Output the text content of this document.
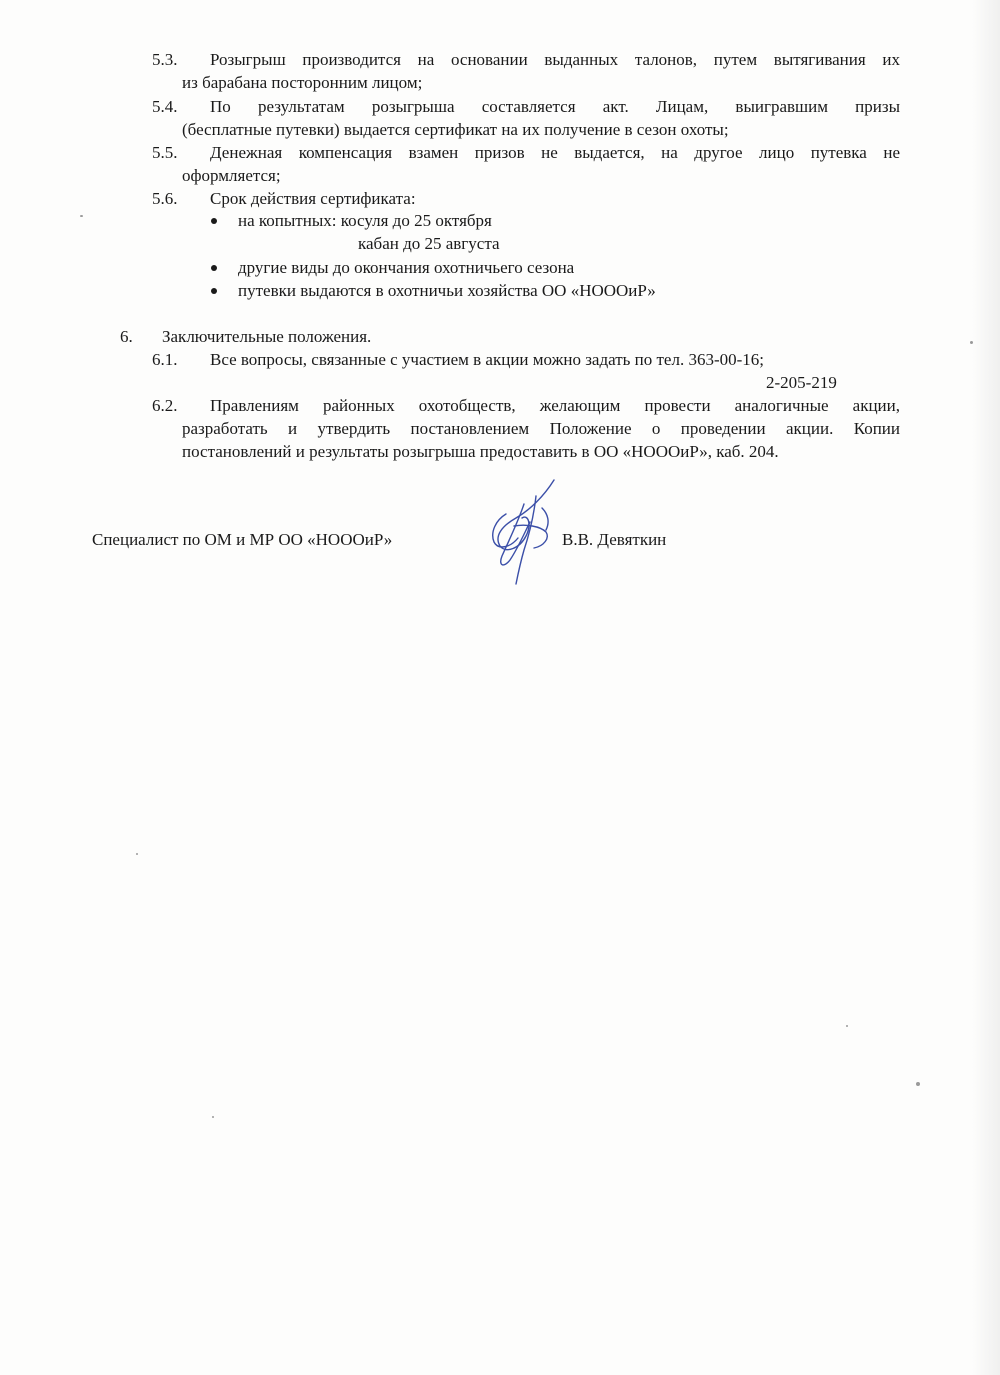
5.3. Розыгрыш производится на основании выданных талонов, путем вытягивания их
из барабана посторонним лицом;
5.4. По результатам розыгрыша составляется акт. Лицам, выигравшим призы
(бесплатные путевки) выдается сертификат на их получение в сезон охоты;
5.5. Денежная компенсация взамен призов не выдается, на другое лицо путевка не
оформляется;
5.6. Срок действия сертификата:
на копытных: косуля до 25 октября
кабан до 25 августа
другие виды до окончания охотничьего сезона
путевки выдаются в охотничьи хозяйства ОО «НОООиР»
6. Заключительные положения.
6.1. Все вопросы, связанные с участием в акции можно задать по тел. 363-00-16;
2-205-219
6.2. Правлениям районных охотобществ, желающим провести аналогичные акции,
разработать и утвердить постановлением Положение о проведении акции. Копии
постановлений и результаты розыгрыша предоставить в ОО «НОООиР», каб. 204.
Специалист по ОМ и МР ОО «НОООиР»	В.В. Девяткин
